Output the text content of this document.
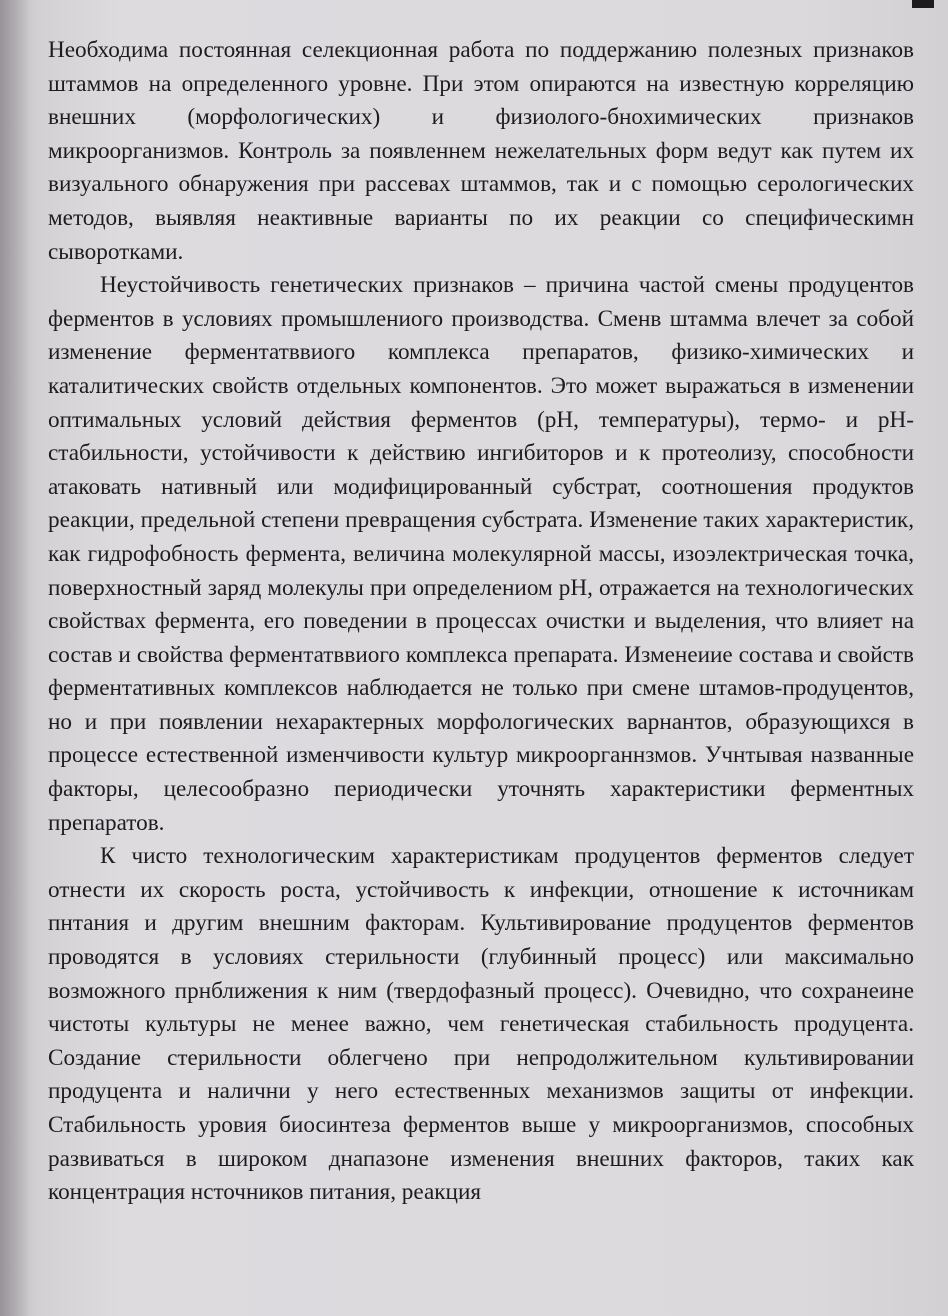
Необходима постоянная селекционная работа по поддержанию полезных признаков штаммов на определенного уровне. При этом опираются на известную корреляцию внешних (морфологических) и физиолого-бнохимических признаков микроорганизмов. Контроль за появленнем нежелательных форм ведут как путем их визуального обнаружения при рассевах штаммов, так и с помощью серологических методов, выявляя неактивные варианты по их реакции со специфическимн сыворотками.

Неустойчивость генетических признаков – причина частой смены продуцентов ферментов в условиях промышлениого производства. Сменв штамма влечет за собой изменение ферментатввиого комплекса препаратов, физико-химических и каталитических свойств отдельных компонентов. Это может выражаться в изменении оптимальных условий действия ферментов (рН, температуры), термо- и рН-стабильности, устойчивости к действию ингибиторов и к протеолизу, способности атаковать нативный или модифицированный субстрат, соотношения продуктов реакции, предельной степени превращения субстрата. Изменение таких характеристик, как гидрофобность фермента, величина молекулярной массы, изоэлектрическая точка, поверхностный заряд молекулы при определениом рН, отражается на технологических свойствах фермента, его поведении в процессах очистки и выделения, что влияет на состав и свойства ферментатввиого комплекса препарата. Изменеиие состава и свойств ферментативных комплексов наблюдается не только при смене штамов-продуцентов, но и при появлении нехарактерных морфологических варнантов, образующихся в процессе естественной изменчивости культур микроорганнзмов. Учнтывая названные факторы, целесообразно периодически уточнять характеристики ферментных препаратов.

К чисто технологическим характеристикам продуцентов ферментов следует отнести их скорость роста, устойчивость к инфекции, отношение к источникам пнтания и другим внешним факторам. Культивирование продуцентов ферментов проводятся в условиях стерильности (глубинный процесс) или максимально возможного прнближения к ним (твердофазный процесс). Очевидно, что сохранеине чистоты культуры не менее важно, чем генетическая стабильность продуцента. Создание стерильности облегчено при непродолжительном культивировании продуцента и налични у него естественных механизмов защиты от инфекции. Стабильность уровия биосинтеза ферментов выше у микроорганизмов, способных развиваться в широком днапазоне изменения внешних факторов, таких как концентрация нсточников питания, реакция
